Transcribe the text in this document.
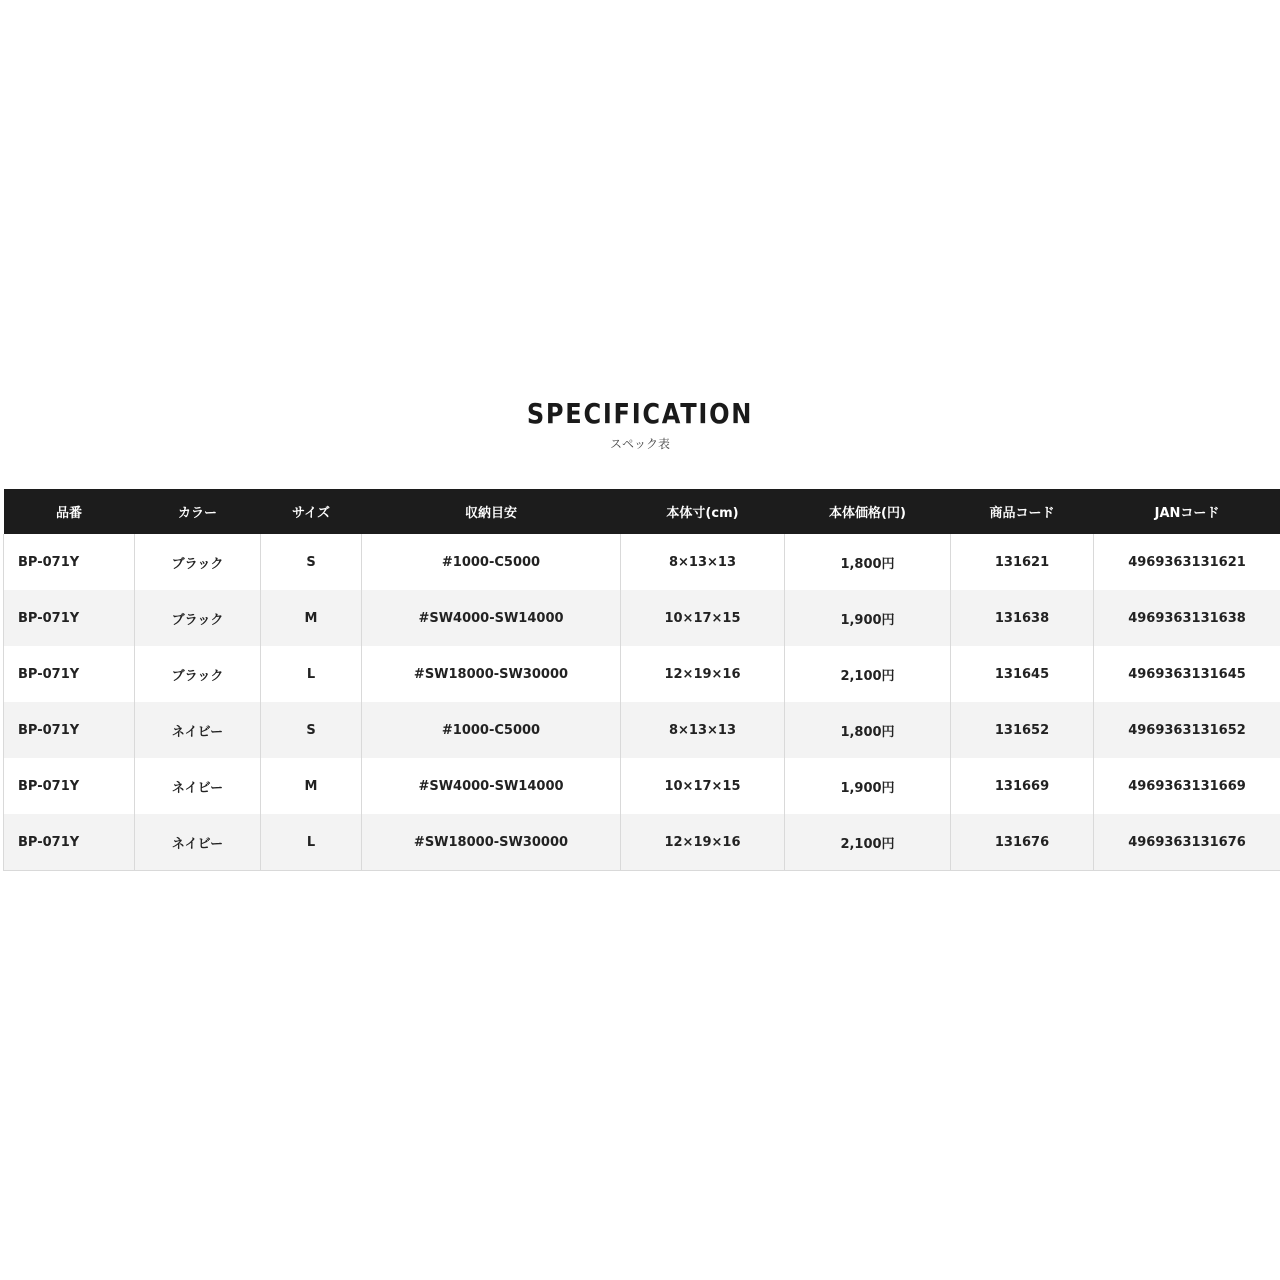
SPECIFICATION
スペック表
品番	カラー	サイズ	収納目安	本体寸(cm)	本体価格(円)	商品コード	JANコード
BP-071Y	ブラック	S	#1000-C5000	8×13×13	1,800円	131621	4969363131621
BP-071Y	ブラック	M	#SW4000-SW14000	10×17×15	1,900円	131638	4969363131638
BP-071Y	ブラック	L	#SW18000-SW30000	12×19×16	2,100円	131645	4969363131645
BP-071Y	ネイビー	S	#1000-C5000	8×13×13	1,800円	131652	4969363131652
BP-071Y	ネイビー	M	#SW4000-SW14000	10×17×15	1,900円	131669	4969363131669
BP-071Y	ネイビー	L	#SW18000-SW30000	12×19×16	2,100円	131676	4969363131676
